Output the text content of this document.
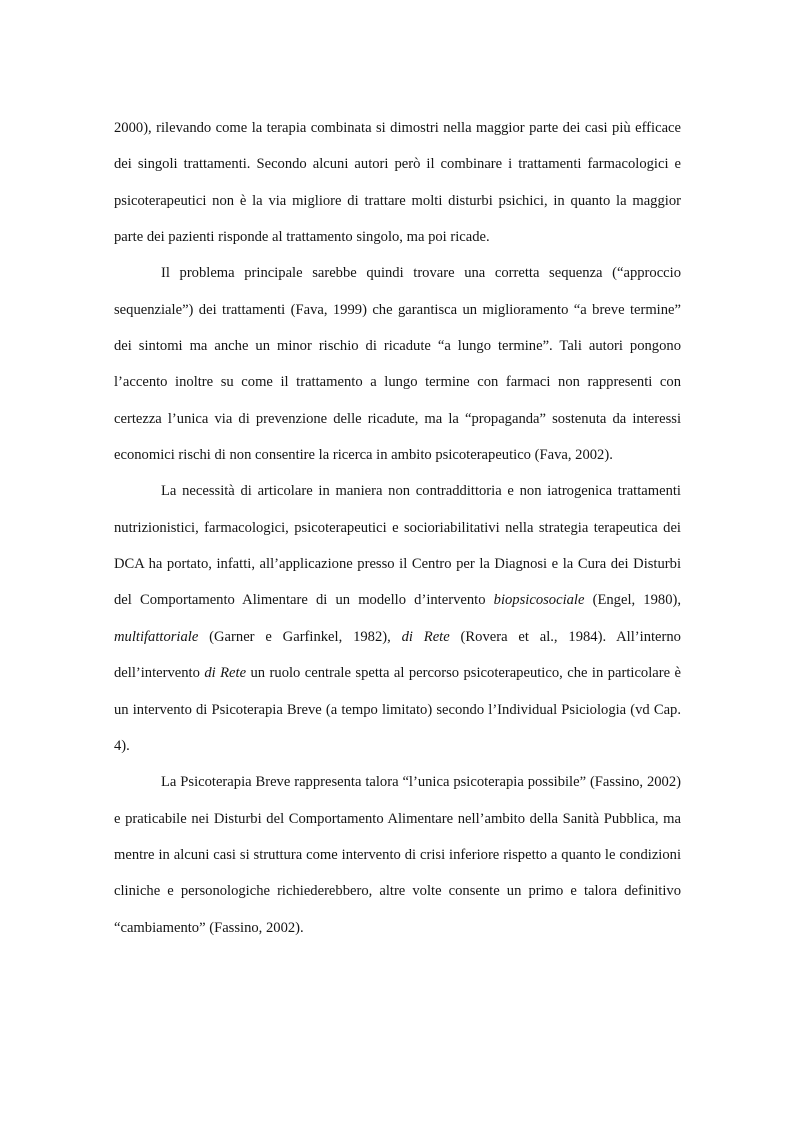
2000), rilevando come la terapia combinata si dimostri nella maggior parte dei casi più efficace dei singoli trattamenti. Secondo alcuni autori però il combinare i trattamenti farmacologici e psicoterapeutici non è la via migliore di trattare molti disturbi psichici, in quanto la maggior parte dei pazienti risponde al trattamento singolo, ma poi ricade.

Il problema principale sarebbe quindi trovare una corretta sequenza (“approccio sequenziale”) dei trattamenti (Fava, 1999) che garantisca un miglioramento “a breve termine” dei sintomi ma anche un minor rischio di ricadute “a lungo termine”. Tali autori pongono l’accento inoltre su come il trattamento a lungo termine con farmaci non rappresenti con certezza l’unica via di prevenzione delle ricadute, ma la “propaganda” sostenuta da interessi economici rischi di non consentire la ricerca in ambito psicoterapeutico (Fava, 2002).

La necessità di articolare in maniera non contraddittoria e non iatrogenica trattamenti nutrizionistici, farmacologici, psicoterapeutici e socioriabilitativi nella strategia terapeutica dei DCA ha portato, infatti, all’applicazione presso il Centro per la Diagnosi e la Cura dei Disturbi del Comportamento Alimentare di un modello d’intervento biopsicosociale (Engel, 1980), multifattoriale (Garner e Garfinkel, 1982), di Rete (Rovera et al., 1984). All’interno dell’intervento di Rete un ruolo centrale spetta al percorso psicoterapeutico, che in particolare è un intervento di Psicoterapia Breve (a tempo limitato) secondo l’Individual Psiciologia (vd Cap. 4).

La Psicoterapia Breve rappresenta talora “l’unica psicoterapia possibile” (Fassino, 2002) e praticabile nei Disturbi del Comportamento Alimentare nell’ambito della Sanità Pubblica, ma mentre in alcuni casi si struttura come intervento di crisi inferiore rispetto a quanto le condizioni cliniche e personologiche richiederebbero, altre volte consente un primo e talora definitivo “cambiamento” (Fassino, 2002).
